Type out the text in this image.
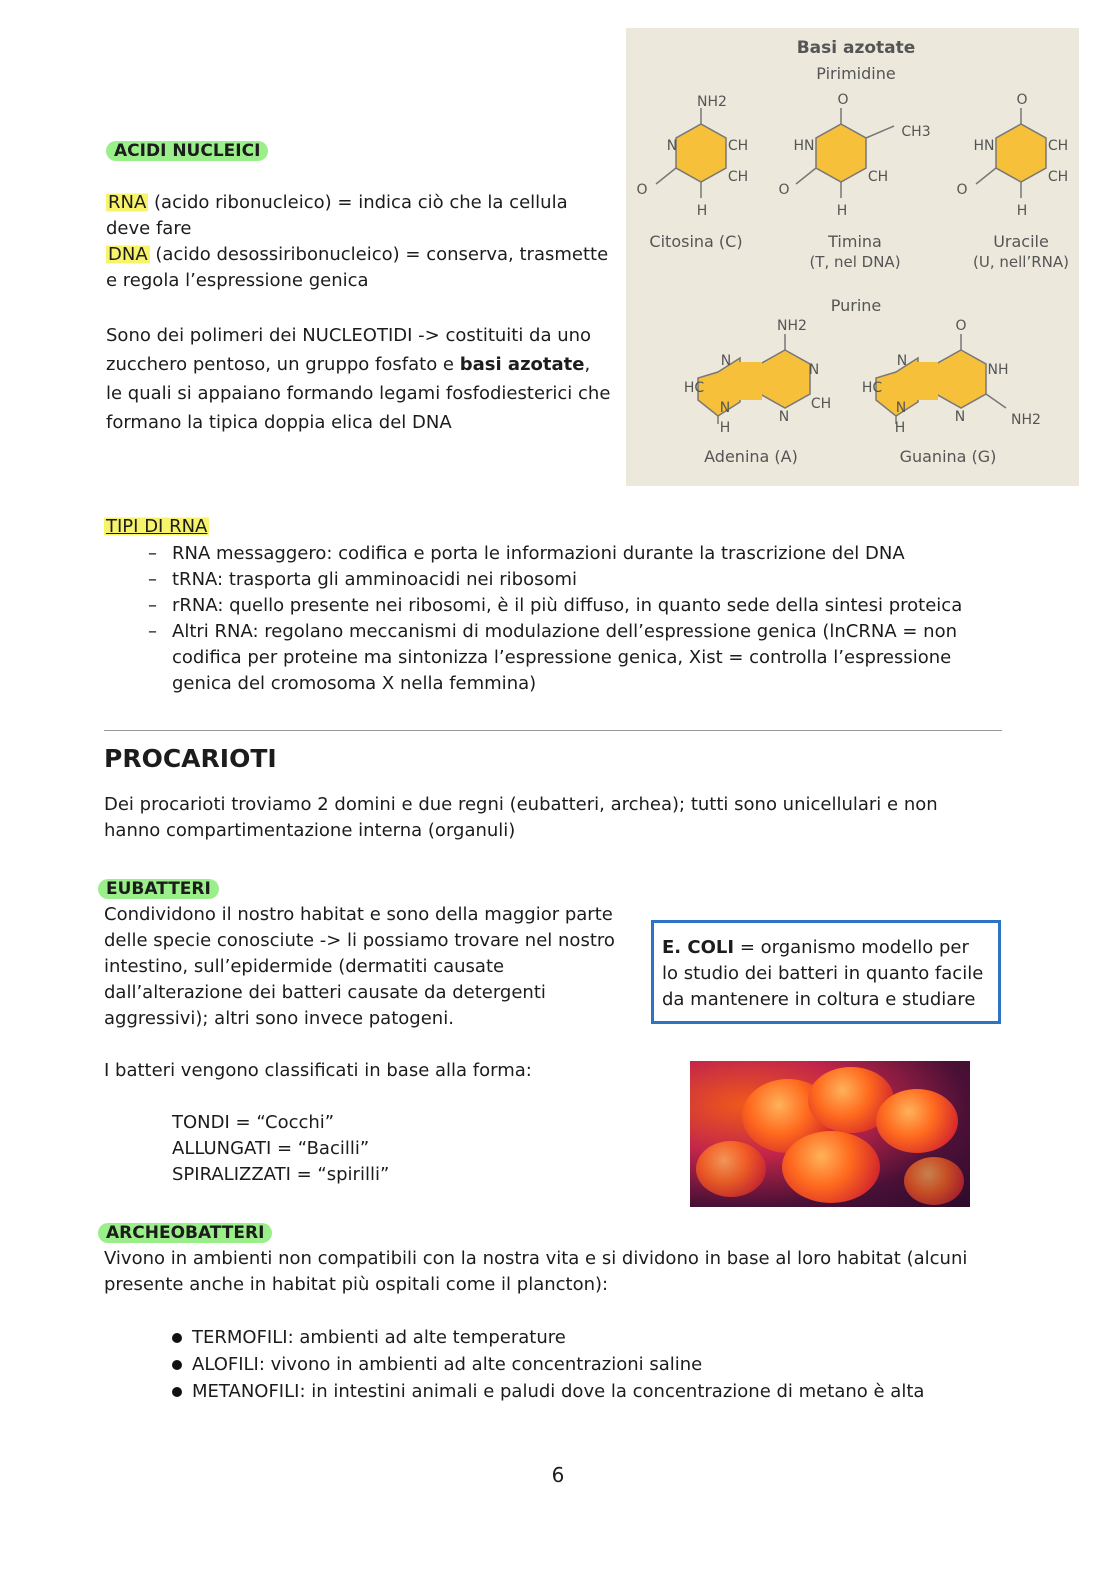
ACIDI NUCLEICI
RNA (acido ribonucleico) = indica ciò che la cellula deve fare
DNA (acido desossiribonucleico) = conserva, trasmette e regola l’espressione genica
Sono dei polimeri dei NUCLEOTIDI -> costituiti da uno zucchero pentoso, un gruppo fosfato e basi azotate, le quali si appaiano formando legami fosfodiesterici che formano la tipica doppia elica del DNA
Basi azotate
Pirimidine
NH2
N	CH
CH
O
H
Citosina (C)
O
CH3
HN
CH
O
H
Timina
(T, nel DNA)
O
HN	CH
CH
O
H
Uracile
(U, nell’RNA)
Purine
NH2
N
N
HC
CH
N
N
H
Adenina (A)
O
N
NH
HC
N
N	NH2
H
Guanina (G)
TIPI DI RNA
– RNA messaggero: codifica e porta le informazioni durante la trascrizione del DNA
– tRNA: trasporta gli amminoacidi nei ribosomi
– rRNA: quello presente nei ribosomi, è il più diffuso, in quanto sede della sintesi proteica
– Altri RNA: regolano meccanismi di modulazione dell’espressione genica (lnCRNA = non codifica per proteine ma sintonizza l’espressione genica, Xist = controlla l’espressione genica del cromosoma X nella femmina)
PROCARIOTI
Dei procarioti troviamo 2 domini e due regni (eubatteri, archea); tutti sono unicellulari e non hanno compartimentazione interna (organuli)
EUBATTERI
Condividono il nostro habitat e sono della maggior parte delle specie conosciute -> li possiamo trovare nel nostro intestino, sull’epidermide (dermatiti causate dall’alterazione dei batteri causate da detergenti aggressivi); altri sono invece patogeni.
E. COLI = organismo modello per lo studio dei batteri in quanto facile da mantenere in coltura e studiare
I batteri vengono classificati in base alla forma:
TONDI = “Cocchi”
ALLUNGATI = “Bacilli”
SPIRALIZZATI = “spirilli”
ARCHEOBATTERI
Vivono in ambienti non compatibili con la nostra vita e si dividono in base al loro habitat (alcuni presente anche in habitat più ospitali come il plancton):
TERMOFILI: ambienti ad alte temperature
ALOFILI: vivono in ambienti ad alte concentrazioni saline
METANOFILI: in intestini animali e paludi dove la concentrazione di metano è alta
6
